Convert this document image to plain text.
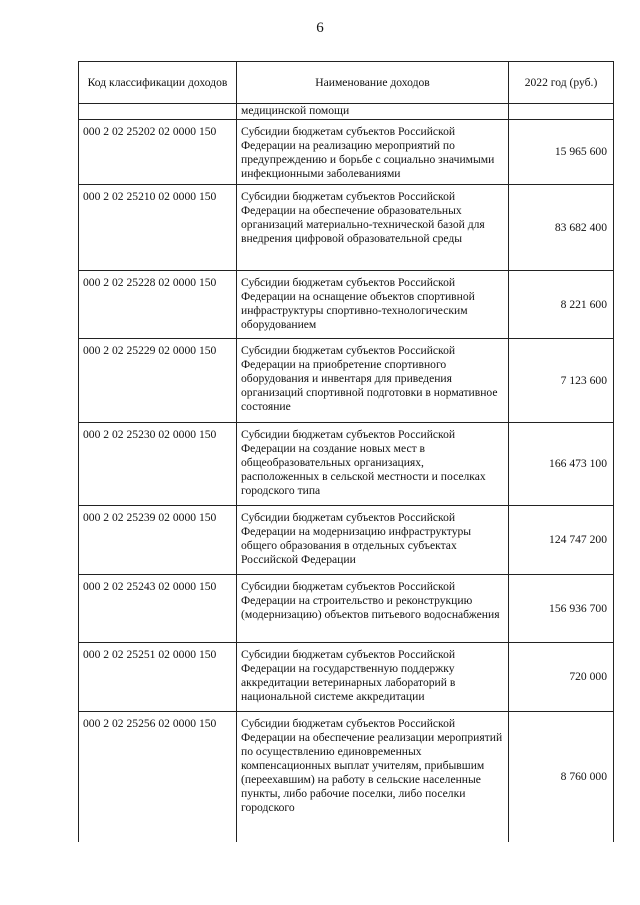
6
Код классификации доходов	Наименование доходов	2022 год (руб.)
	медицинской помощи	
000 2 02 25202 02 0000 150	Субсидии бюджетам субъектов Российской Федерации на реализацию мероприятий по предупреждению и борьбе с социально значимыми инфекционными заболеваниями	15 965 600
000 2 02 25210 02 0000 150	Субсидии бюджетам субъектов Российской Федерации на обеспечение образовательных организаций материально-технической базой для внедрения цифровой образовательной среды	83 682 400
000 2 02 25228 02 0000 150	Субсидии бюджетам субъектов Российской Федерации на оснащение объектов спортивной инфраструктуры спортивно-технологическим оборудованием	8 221 600
000 2 02 25229 02 0000 150	Субсидии бюджетам субъектов Российской Федерации на приобретение спортивного оборудования и инвентаря для приведения организаций спортивной подготовки в нормативное состояние	7 123 600
000 2 02 25230 02 0000 150	Субсидии бюджетам субъектов Российской Федерации на создание новых мест в общеобразовательных организациях, расположенных в сельской местности и поселках городского типа	166 473 100
000 2 02 25239 02 0000 150	Субсидии бюджетам субъектов Российской Федерации на модернизацию инфраструктуры общего образования в отдельных субъектах Российской Федерации	124 747 200
000 2 02 25243 02 0000 150	Субсидии бюджетам субъектов Российской Федерации на строительство и реконструкцию (модернизацию) объектов питьевого водоснабжения	156 936 700
000 2 02 25251 02 0000 150	Субсидии бюджетам субъектов Российской Федерации на государственную поддержку аккредитации ветеринарных лабораторий в национальной системе аккредитации	720 000
000 2 02 25256 02 0000 150	Субсидии бюджетам субъектов Российской Федерации на обеспечение реализации мероприятий по осуществлению единовременных компенсационных выплат учителям, прибывшим (переехавшим) на работу в сельские населенные пункты, либо рабочие поселки, либо поселки городского	8 760 000
